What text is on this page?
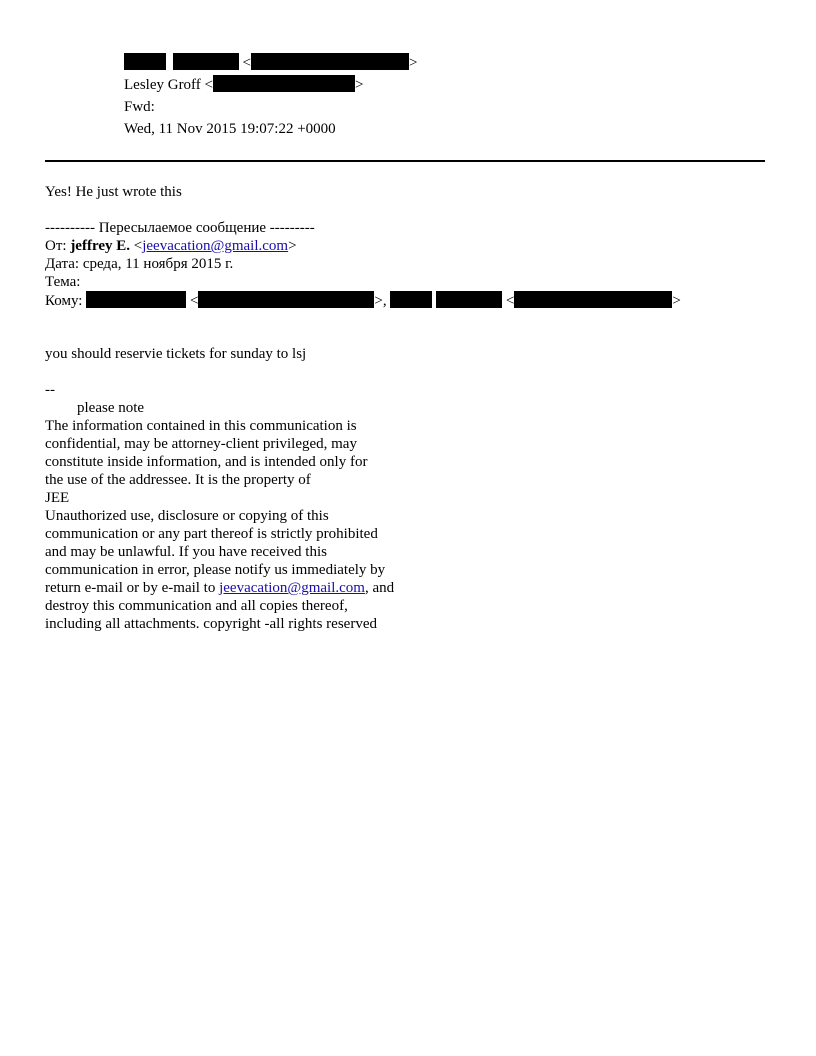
<	>
Lesley Groff <	>
Fwd:
Wed, 11 Nov 2015 19:07:22 +0000
Yes! He just wrote this
---------- Пересылаемое сообщение ---------
От: jeffrey E. <jeevacation@gmail.com>
Дата: среда, 11 ноября 2015 г.
Тема:
Кому:	<	>,	<	>
you should reservie tickets for sunday to lsj
--
please note
The information contained in this communication is
confidential, may be attorney-client privileged, may
constitute inside information, and is intended only for
the use of the addressee. It is the property of
JEE
Unauthorized use, disclosure or copying of this
communication or any part thereof is strictly prohibited
and may be unlawful. If you have received this
communication in error, please notify us immediately by
return e-mail or by e-mail to jeevacation@gmail.com, and
destroy this communication and all copies thereof,
including all attachments. copyright -all rights reserved
